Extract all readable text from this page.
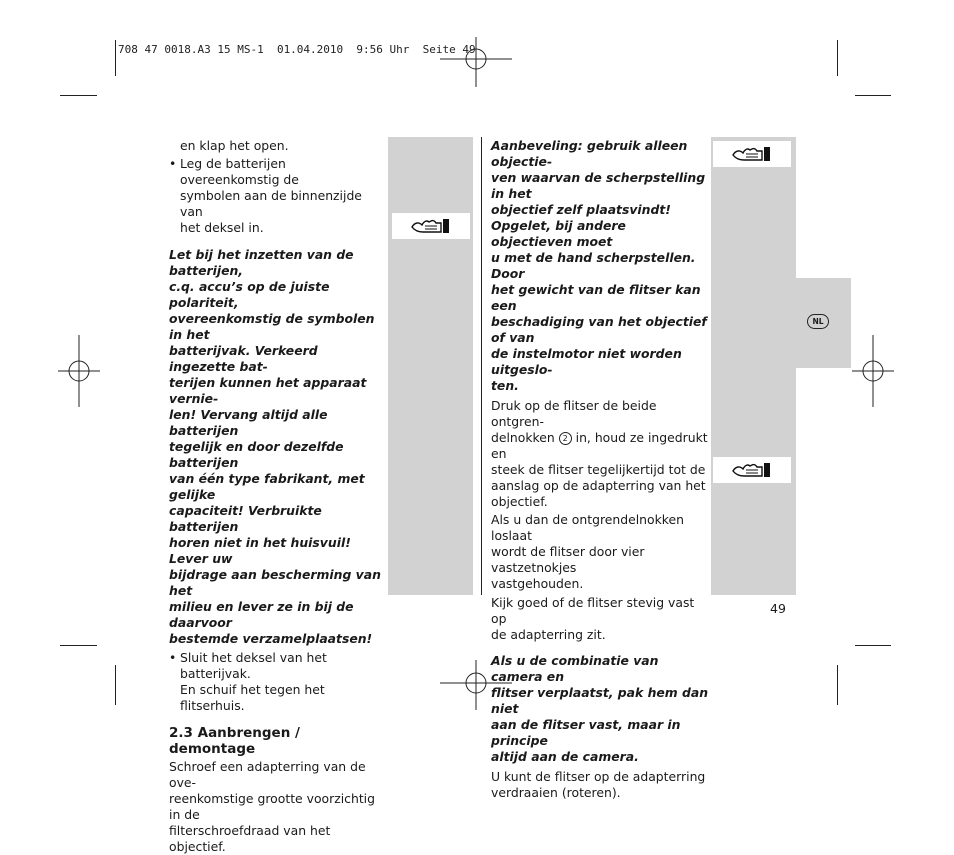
708 47 0018.A3 15 MS-1  01.04.2010  9:56 Uhr  Seite 49
NL

en klap het open.

• Leg de batterijen overeenkomstig de

symbolen aan de binnenzijde van

het deksel in.

Let bij het inzetten van de batterijen,

c.q. accu’s op de juiste polariteit,

overeenkomstig de symbolen in het

batterijvak. Verkeerd ingezette bat-

terijen kunnen het apparaat vernie-

len! Vervang altijd alle batterijen

tegelijk en door dezelfde batterijen

van één type fabrikant, met gelijke

capaciteit! Verbruikte batterijen

horen niet in het huisvuil! Lever uw

bijdrage aan bescherming van het

milieu en lever ze in bij de daarvoor

bestemde verzamelplaatsen!

• Sluit het deksel van het batterijvak.

En schuif het tegen het flitserhuis.

2.3 Aanbrengen / demontage

Schroef een adapterring van de ove-

reenkomstige grootte voorzichtig in de

filterschroefdraad van het objectief.

Aanbeveling: gebruik alleen objectie-

ven waarvan de scherpstelling in het

objectief zelf plaatsvindt!

Opgelet, bij andere objectieven moet

u met de hand scherpstellen. Door

het gewicht van de flitser kan een

beschadiging van het objectief of van

de instelmotor niet worden uitgeslo-

ten.

Druk op de flitser de beide ontgren-

delnokken 2 in, houd ze ingedrukt en

steek de flitser tegelijkertijd tot de

aanslag op de adapterring van het

objectief.

Als u dan de ontgrendelnokken loslaat

wordt de flitser door vier vastzetnokjes

vastgehouden.

Kijk goed of de flitser stevig vast op

de adapterring zit.

Als u de combinatie van camera en

flitser verplaatst, pak hem dan niet

aan de flitser vast, maar in principe

altijd aan de camera.

U kunt de flitser op de adapterring

verdraaien (roteren).

49
